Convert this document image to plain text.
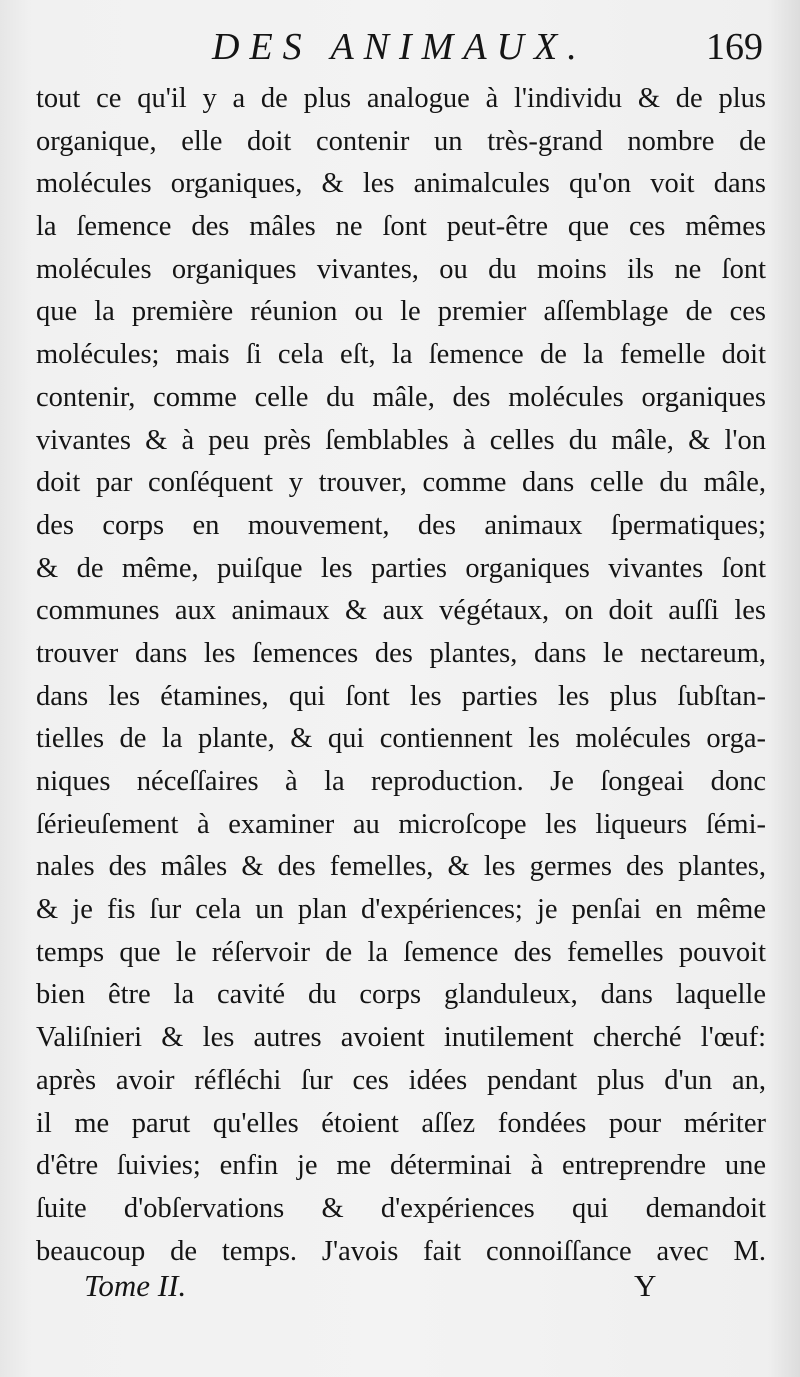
DES ANIMAUX.	169
tout ce qu'il y a de plus analogue à l'individu & de plus
organique, elle doit contenir un très-grand nombre de
molécules organiques, & les animalcules qu'on voit dans
la ſemence des mâles ne ſont peut-être que ces mêmes
molécules organiques vivantes, ou du moins ils ne ſont
que la première réunion ou le premier aſſemblage de ces
molécules; mais ſi cela eſt, la ſemence de la femelle doit
contenir, comme celle du mâle, des molécules organiques
vivantes & à peu près ſemblables à celles du mâle, & l'on
doit par conſéquent y trouver, comme dans celle du mâle,
des corps en mouvement, des animaux ſpermatiques;
& de même, puiſque les parties organiques vivantes ſont
communes aux animaux & aux végétaux, on doit auſſi les
trouver dans les ſemences des plantes, dans le nectareum,
dans les étamines, qui ſont les parties les plus ſubſtan-
tielles de la plante, & qui contiennent les molécules orga-
niques néceſſaires à la reproduction. Je ſongeai donc
ſérieuſement à examiner au microſcope les liqueurs ſémi-
nales des mâles & des femelles, & les germes des plantes,
& je fis ſur cela un plan d'expériences; je penſai en même
temps que le réſervoir de la ſemence des femelles pouvoit
bien être la cavité du corps glanduleux, dans laquelle
Valiſnieri & les autres avoient inutilement cherché l'œuf:
après avoir réfléchi ſur ces idées pendant plus d'un an,
il me parut qu'elles étoient aſſez fondées pour mériter
d'être ſuivies; enfin je me déterminai à entreprendre une
ſuite d'obſervations & d'expériences qui demandoit
beaucoup de temps. J'avois fait connoiſſance avec M.
Tome II.	Y
